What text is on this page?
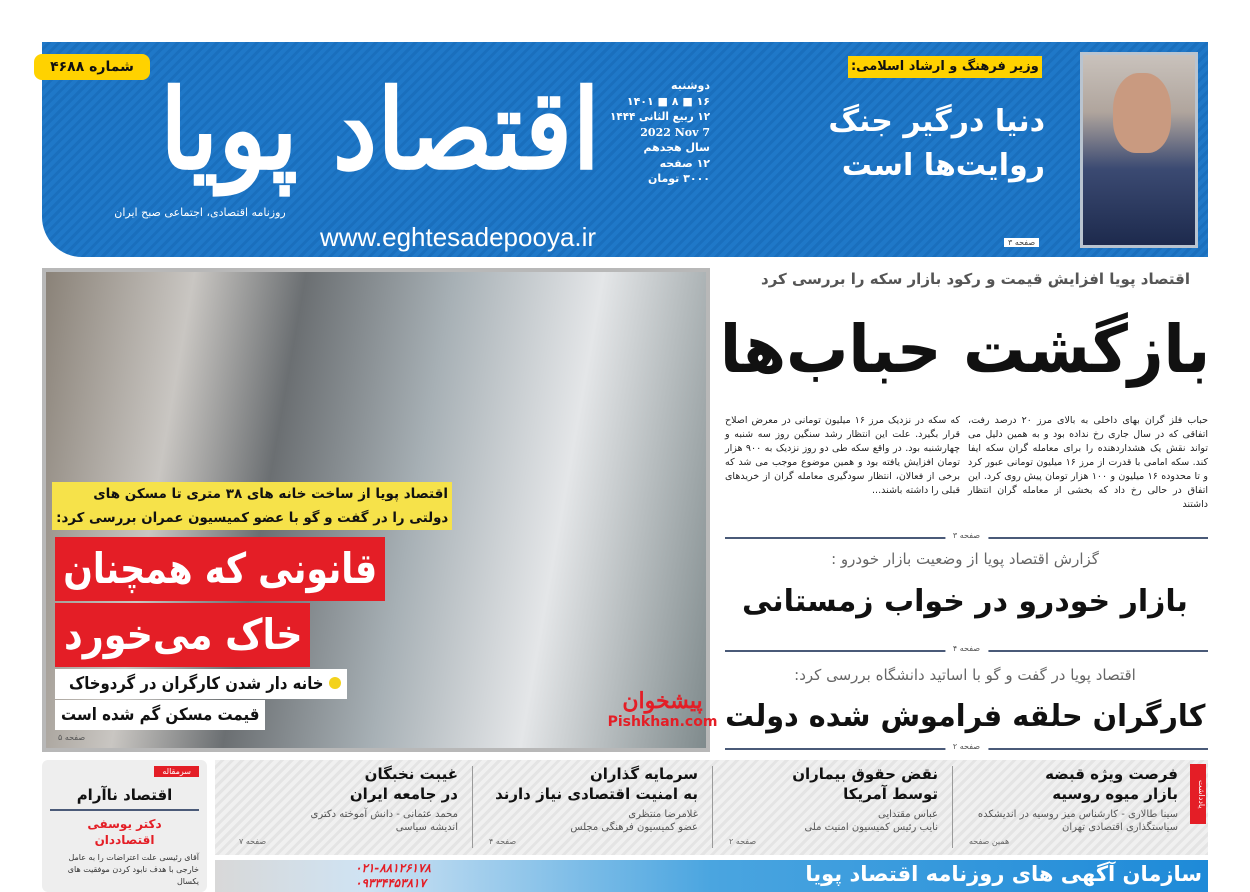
شماره ۴۶۸۸ اقتصاد پویا
روزنامه اقتصادی، اجتماعی صبح ایران
www.eghtesadepooya.ir
دوشنبه
۱۶ ■ ۸ ■ ۱۴۰۱
۱۲ ربیع الثانی ۱۴۴۴
2022 Nov 7
سال هجدهم
۱۲ صفحه
۳۰۰۰ تومان
وزیر فرهنگ و ارشاد اسلامی:
دنیا درگیر جنگ
روایت‌ها است
صفحه ۳
اقتصاد پویا از ساخت خانه های ۳۸ متری تا مسکن های
دولتی را در گفت و گو با عضو کمیسیون عمران بررسی کرد:
قانونی که همچنان
خاک می‌خورد
خانه دار شدن کارگران در گردوخاک
قیمت مسکن گم شده است
صفحه ۵
پیشخوان
Pishkhan.com
اقتصاد پویا افزایش قیمت و رکود بازار سکه را بررسی کرد
بازگشت حباب‌ها
حباب فلز گران بهای داخلی به بالای مرز ۲۰ درصد رفت، اتفاقی که در سال جاری رخ نداده بود و به همین دلیل می تواند نقش یک هشداردهنده را برای معامله گران سکه ایفا کند. سکه امامی با قدرت از مرز ۱۶ میلیون تومانی عبور کرد و تا محدوده ۱۶ میلیون و ۱۰۰ هزار تومان پیش روی کرد. این اتفاق در حالی رخ داد که بخشی از معامله گران انتظار داشتند
که سکه در نزدیک مرز ۱۶ میلیون تومانی در معرض اصلاح قرار بگیرد. علت این انتظار رشد سنگین روز سه شنبه و چهارشنبه بود. در واقع سکه طی دو روز نزدیک به ۹۰۰ هزار تومان افزایش یافته بود و همین موضوع موجب می شد که برخی از فعالان، انتظار سودگیری معامله گران از خریدهای قبلی را داشته باشند...
صفحه ۳
گزارش اقتصاد پویا از وضعیت بازار خودرو :
بازار خودرو در خواب زمستانی
صفحه ۴
اقتصاد پویا در گفت و گو با اساتید دانشگاه بررسی کرد:
کارگران حلقه فراموش شده دولت
صفحه ۲
فرصت ویژه قبضه
بازار میوه روسیه
سینا طالاری - کارشناس میز روسیه در اندیشکده
سیاستگذاری اقتصادی تهران
همین صفحه
نقض حقوق بیماران
توسط آمریکا
عباس مقتدایی
نایب رئیس کمیسیون امنیت ملی
صفحه ۲
سرمایه گذاران
به امنیت اقتصادی نیاز دارند
غلامرضا منتظری
عضو کمیسیون فرهنگی مجلس
صفحه ۴
غیبت نخبگان
در جامعه ایران
محمد عثمانی - دانش آموخته دکتری
اندیشه سیاسی
صفحه ۷
یادداشت
سرمقاله
اقتصاد ناآرام
دکتر یوسفی
اقتصاددان
آقای رئیسی علت اعتراضات را به عامل خارجی با هدف نابود کردن موفقیت های یکسال
۰۲۱-۸۸۱۲۶۱۷۸
۰۹۳۳۴۴۵۳۸۱۷	سازمان آگهی های روزنامه اقتصاد پویا
